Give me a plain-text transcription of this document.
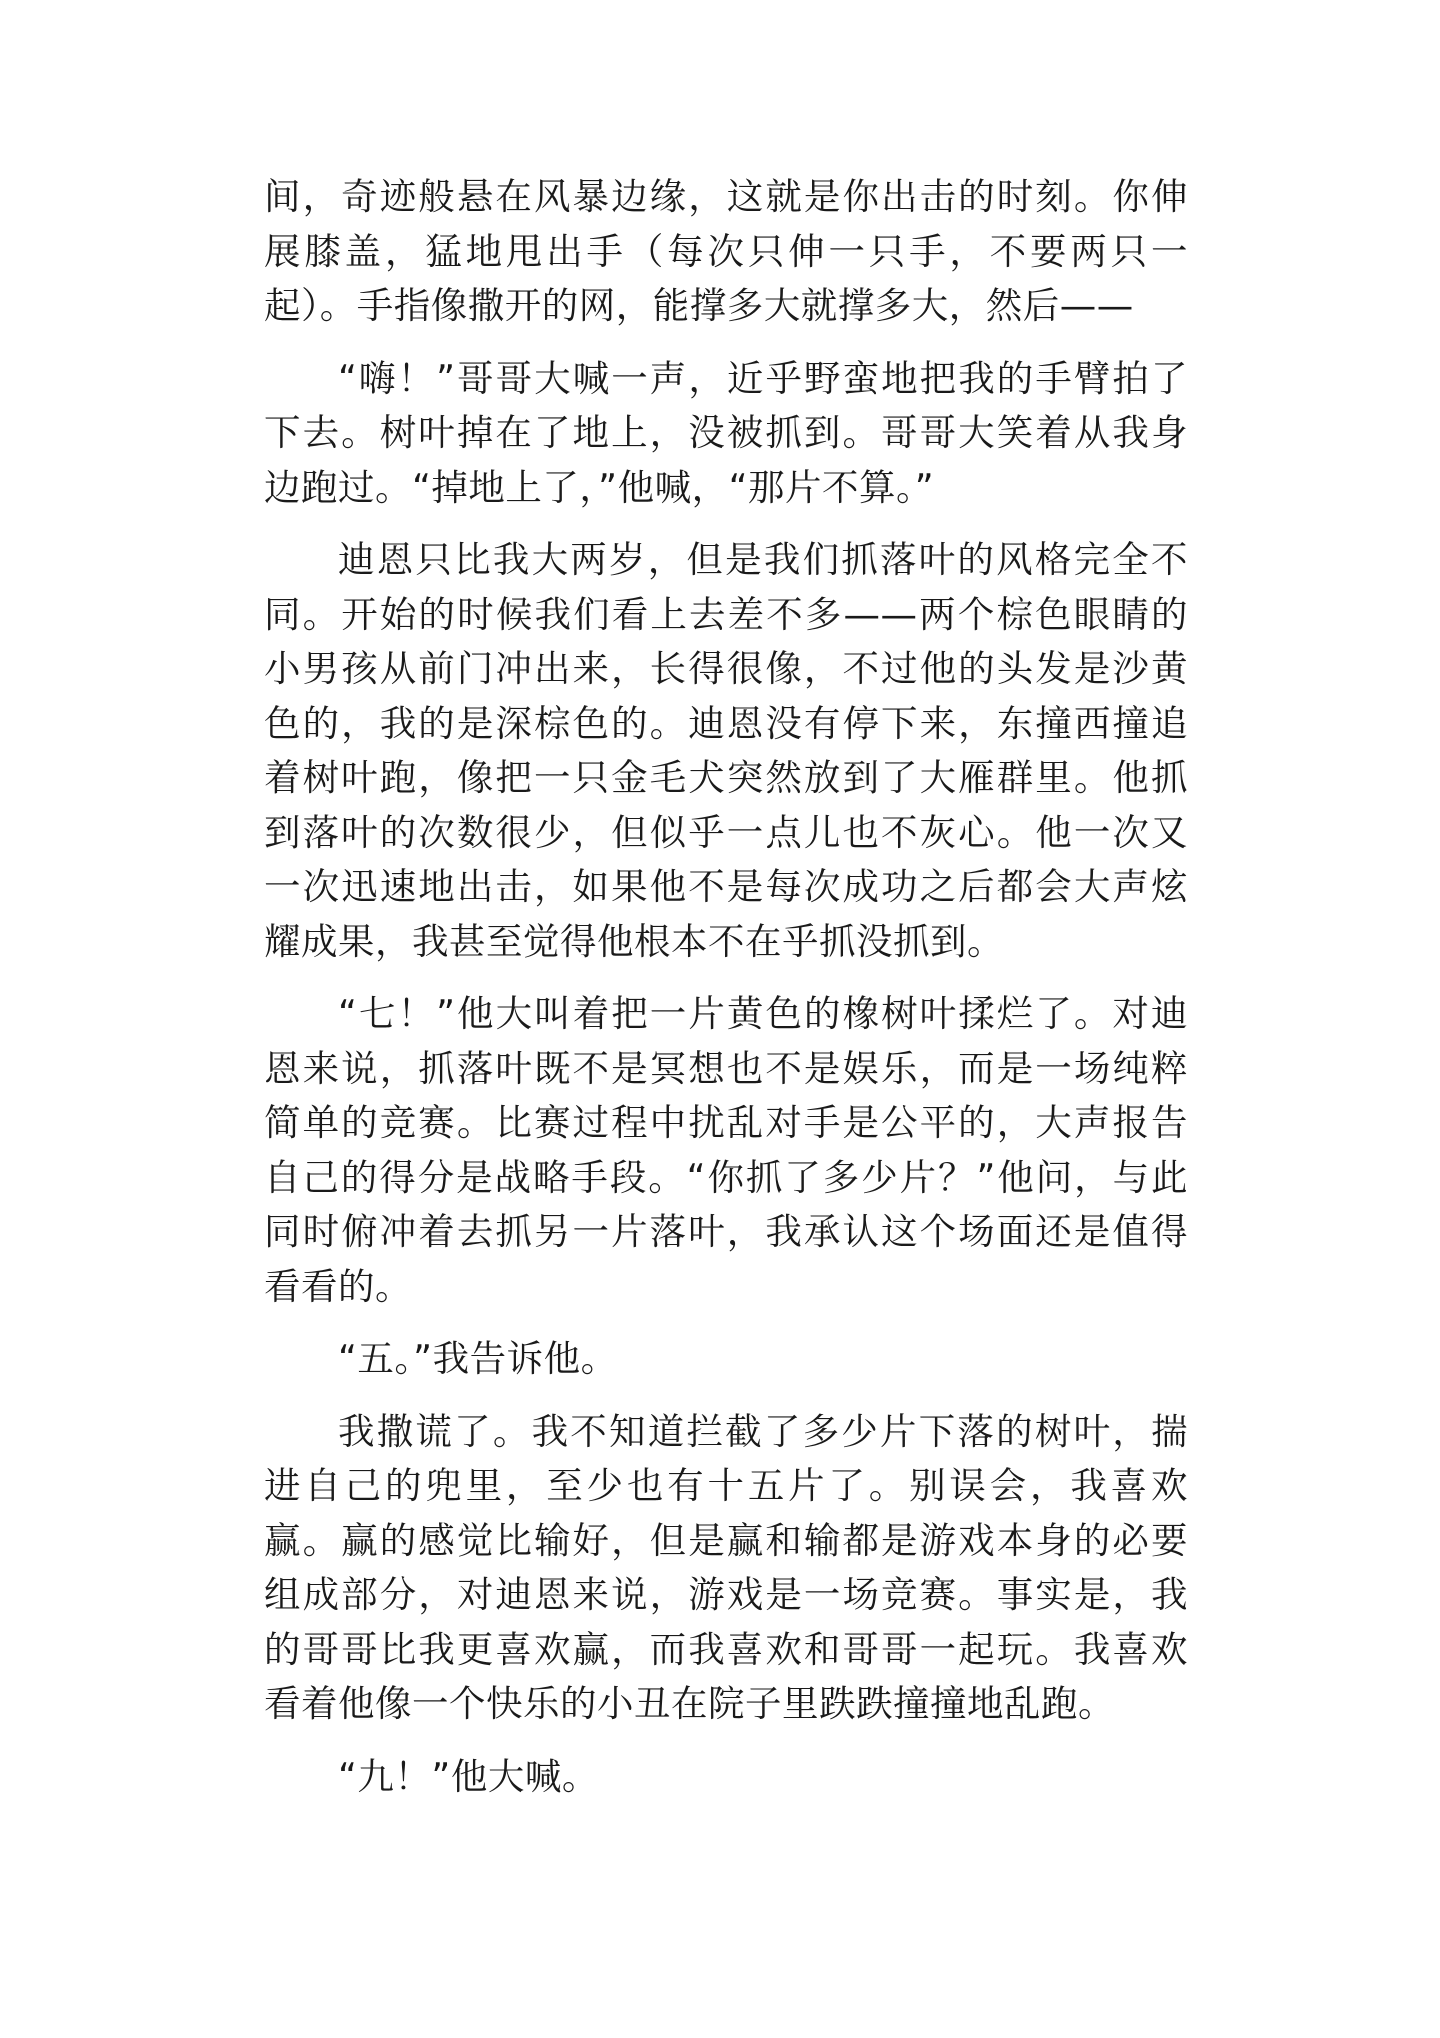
间，奇迹般悬在风暴边缘，这就是你出击的时刻。你伸展膝盖，猛地甩出手（每次只伸一只手，不要两只一起）。手指像撒开的网，能撑多大就撑多大，然后——

“嗨！”哥哥大喊一声，近乎野蛮地把我的手臂拍了下去。树叶掉在了地上，没被抓到。哥哥大笑着从我身边跑过。“掉地上了，”他喊，“那片不算。”

迪恩只比我大两岁，但是我们抓落叶的风格完全不同。开始的时候我们看上去差不多——两个棕色眼睛的小男孩从前门冲出来，长得很像，不过他的头发是沙黄色的，我的是深棕色的。迪恩没有停下来，东撞西撞追着树叶跑，像把一只金毛犬突然放到了大雁群里。他抓到落叶的次数很少，但似乎一点儿也不灰心。他一次又一次迅速地出击，如果他不是每次成功之后都会大声炫耀成果，我甚至觉得他根本不在乎抓没抓到。

“七！”他大叫着把一片黄色的橡树叶揉烂了。对迪恩来说，抓落叶既不是冥想也不是娱乐，而是一场纯粹简单的竞赛。比赛过程中扰乱对手是公平的，大声报告自己的得分是战略手段。“你抓了多少片？”他问，与此同时俯冲着去抓另一片落叶，我承认这个场面还是值得看看的。

“五。”我告诉他。

我撒谎了。我不知道拦截了多少片下落的树叶，揣进自己的兜里，至少也有十五片了。别误会，我喜欢赢。赢的感觉比输好，但是赢和输都是游戏本身的必要组成部分，对迪恩来说，游戏是一场竞赛。事实是，我的哥哥比我更喜欢赢，而我喜欢和哥哥一起玩。我喜欢看着他像一个快乐的小丑在院子里跌跌撞撞地乱跑。

“九！”他大喊。
